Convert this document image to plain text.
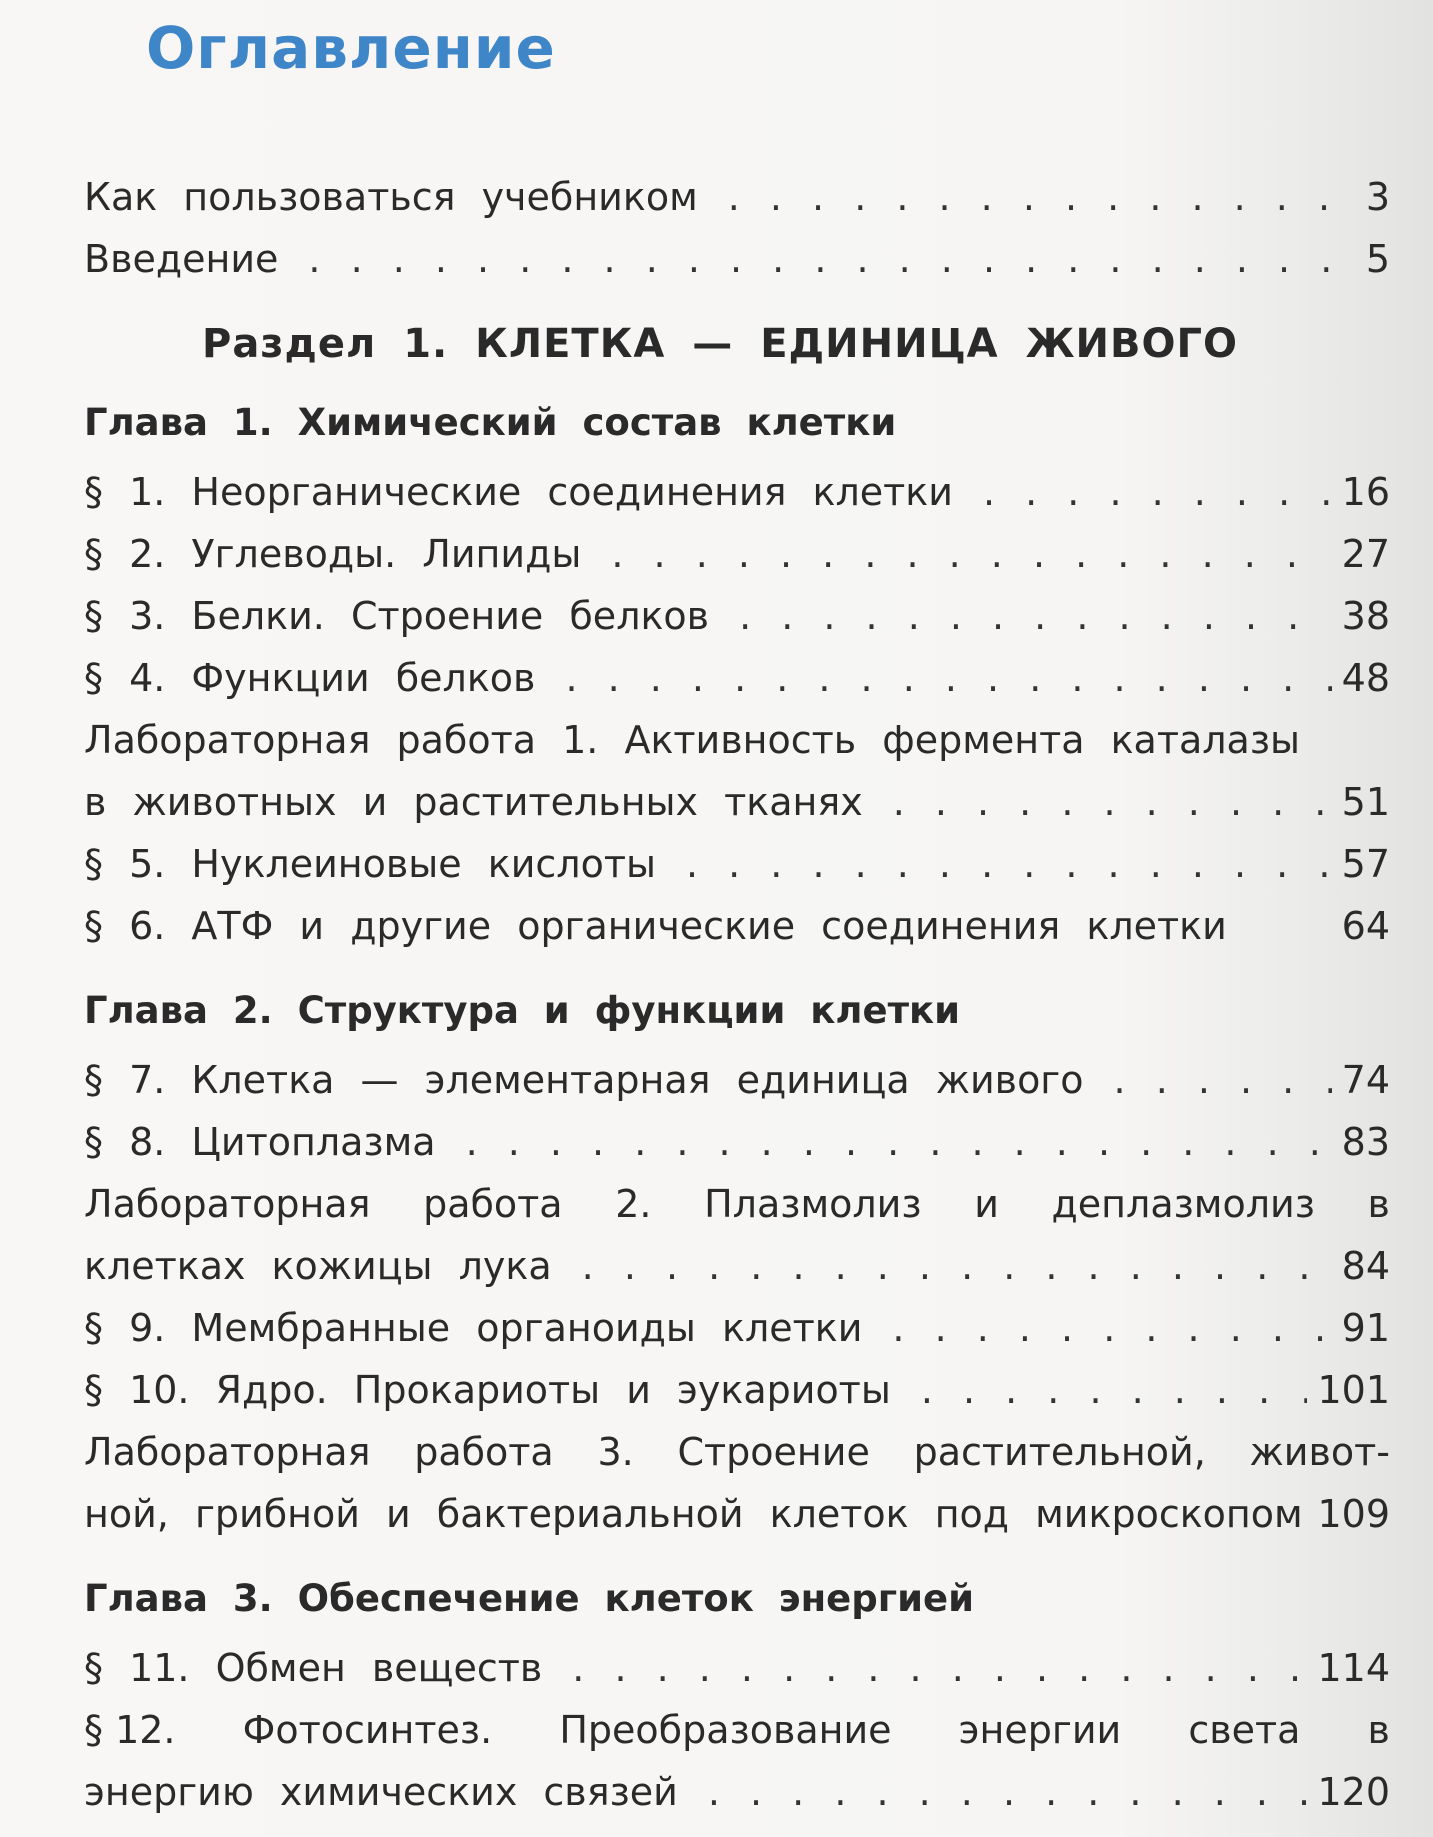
Оглавление
Как пользоваться учебником . . .	3
Введение . . .	5
Раздел 1. КЛЕТКА — ЕДИНИЦА ЖИВОГО
Глава 1. Химический состав клетки
§ 1. Неорганические соединения клетки . . .	16
§ 2. Углеводы. Липиды . . .	27
§ 3. Белки. Строение белков . . .	38
§ 4. Функции белков . . .	48
Лабораторная работа 1. Активность фермента каталазы
в животных и растительных тканях . . .	51
§ 5. Нуклеиновые кислоты . . .	57
§ 6. АТФ и другие органические соединения клетки	64
Глава 2. Структура и функции клетки
§ 7. Клетка — элементарная единица живого . . .	74
§ 8. Цитоплазма . . .	83
Лабораторная работа 2. Плазмолиз и деплазмолиз в
клетках кожицы лука . . .	84
§ 9. Мембранные органоиды клетки . . .	91
§ 10. Ядро. Прокариоты и эукариоты . . .	101
Лабораторная работа 3. Строение растительной, живот-
ной, грибной и бактериальной клеток под микроскопом 109
Глава 3. Обеспечение клеток энергией
§ 11. Обмен веществ . . .	114
§ 12. Фотосинтез. Преобразование энергии света в
энергию химических связей . . .	120
